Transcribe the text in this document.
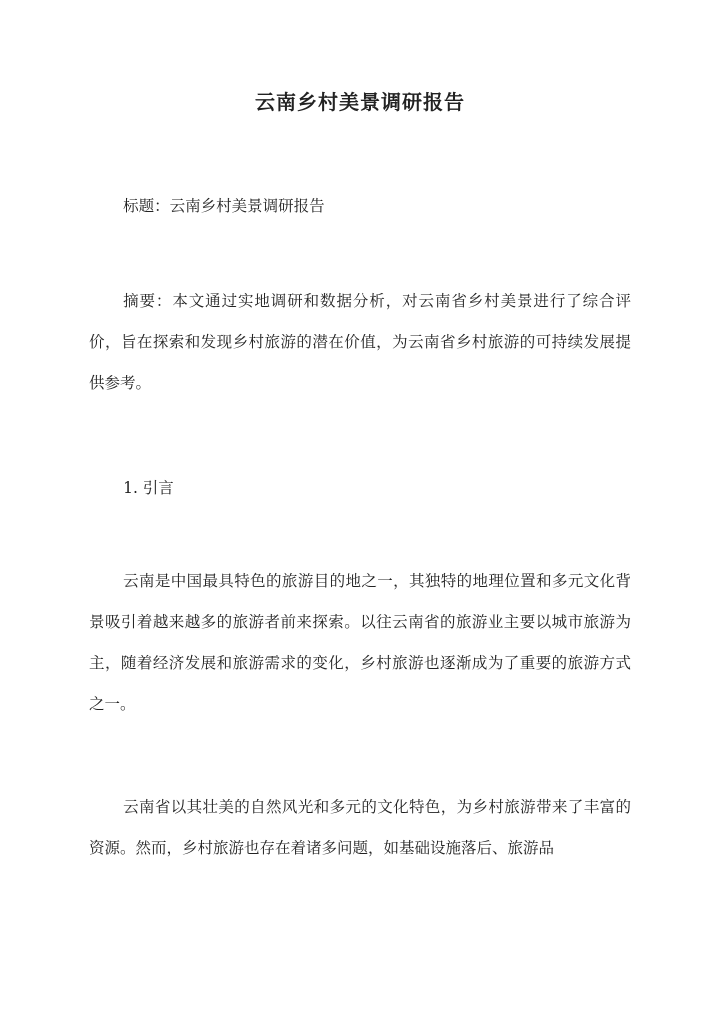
云南乡村美景调研报告

标题：云南乡村美景调研报告

摘要：本文通过实地调研和数据分析，对云南省乡村美景进行了综合评价，旨在探索和发现乡村旅游的潜在价值，为云南省乡村旅游的可持续发展提供参考。

1. 引言

云南是中国最具特色的旅游目的地之一，其独特的地理位置和多元文化背景吸引着越来越多的旅游者前来探索。以往云南省的旅游业主要以城市旅游为主，随着经济发展和旅游需求的变化，乡村旅游也逐渐成为了重要的旅游方式之一。

云南省以其壮美的自然风光和多元的文化特色，为乡村旅游带来了丰富的资源。然而，乡村旅游也存在着诸多问题，如基础设施落后、旅游品
